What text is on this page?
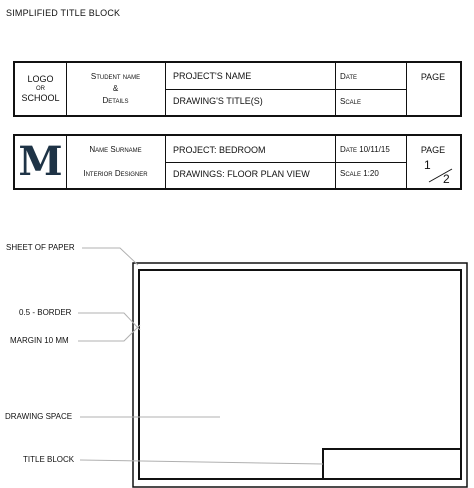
SIMPLIFIED TITLE BLOCK
LOGO
OR
SCHOOL
Student name
&
Details
PROJECT'S NAME
DRAWING'S TITLE(S)
Date
Scale
PAGE
M	Name Surname
Interior Designer
PROJECT: BEDROOM
DRAWINGS: FLOOR PLAN VIEW
Date 10/11/15
Scale 1:20
PAGE
1
2
SHEET OF PAPER
0.5 - BORDER
MARGIN 10 MM
DRAWING SPACE
TITLE BLOCK
